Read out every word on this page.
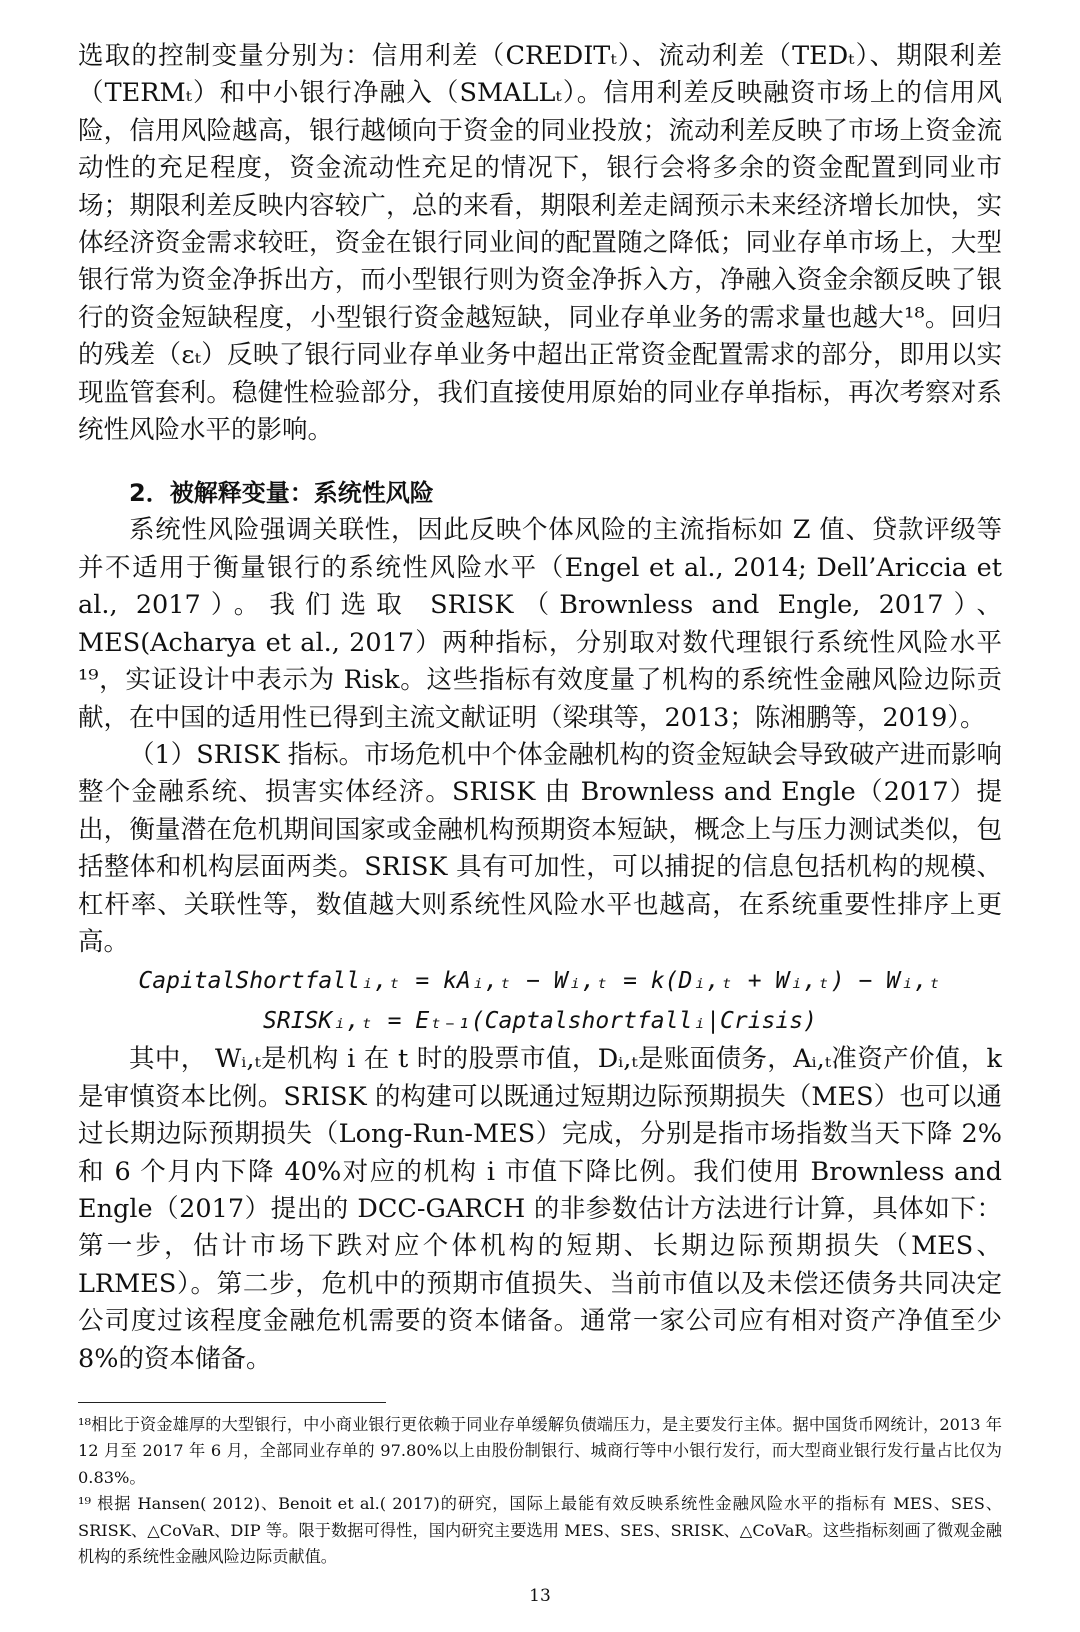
选取的控制变量分别为：信用利差（CREDITₜ）、流动利差（TEDₜ）、期限利差（TERMₜ）和中小银行净融入（SMALLₜ）。信用利差反映融资市场上的信用风险，信用风险越高，银行越倾向于资金的同业投放；流动利差反映了市场上资金流动性的充足程度，资金流动性充足的情况下，银行会将多余的资金配置到同业市场；期限利差反映内容较广，总的来看，期限利差走阔预示未来经济增长加快，实体经济资金需求较旺，资金在银行同业间的配置随之降低；同业存单市场上，大型银行常为资金净拆出方，而小型银行则为资金净拆入方，净融入资金余额反映了银行的资金短缺程度，小型银行资金越短缺，同业存单业务的需求量也越大¹⁸。回归的残差（εₜ）反映了银行同业存单业务中超出正常资金配置需求的部分，即用以实现监管套利。稳健性检验部分，我们直接使用原始的同业存单指标，再次考察对系统性风险水平的影响。

2．被解释变量：系统性风险

系统性风险强调关联性，因此反映个体风险的主流指标如 Z 值、贷款评级等并不适用于衡量银行的系统性风险水平（Engel et al., 2014; Dell’Ariccia et al., 2017）。我们选取 SRISK（Brownless and Engle, 2017）、MES(Acharya et al., 2017）两种指标，分别取对数代理银行系统性风险水平¹⁹，实证设计中表示为 Risk。这些指标有效度量了机构的系统性金融风险边际贡献，在中国的适用性已得到主流文献证明（梁琪等，2013；陈湘鹏等，2019）。

（1）SRISK 指标。市场危机中个体金融机构的资金短缺会导致破产进而影响整个金融系统、损害实体经济。SRISK 由 Brownless and Engle（2017）提出，衡量潜在危机期间国家或金融机构预期资本短缺，概念上与压力测试类似，包括整体和机构层面两类。SRISK 具有可加性，可以捕捉的信息包括机构的规模、杠杆率、关联性等，数值越大则系统性风险水平也越高，在系统重要性排序上更高。

CapitalShortfallᵢ,ₜ = kAᵢ,ₜ − Wᵢ,ₜ = k(Dᵢ,ₜ + Wᵢ,ₜ) − Wᵢ,ₜ

SRISKᵢ,ₜ = Eₜ₋₁(Captalshortfallᵢ|Crisis)

其中， Wᵢ,ₜ是机构 i 在 t 时的股票市值，Dᵢ,ₜ是账面债务，Aᵢ,ₜ准资产价值，k 是审慎资本比例。SRISK 的构建可以既通过短期边际预期损失（MES）也可以通过长期边际预期损失（Long-Run-MES）完成，分别是指市场指数当天下降 2%和 6 个月内下降 40%对应的机构 i 市值下降比例。我们使用 Brownless and Engle（2017）提出的 DCC-GARCH 的非参数估计方法进行计算，具体如下：第一步，估计市场下跌对应个体机构的短期、长期边际预期损失（MES、LRMES）。第二步，危机中的预期市值损失、当前市值以及未偿还债务共同决定公司度过该程度金融危机需要的资本储备。通常一家公司应有相对资产净值至少 8%的资本储备。

¹⁸相比于资金雄厚的大型银行，中小商业银行更依赖于同业存单缓解负债端压力，是主要发行主体。据中国货币网统计，2013 年 12 月至 2017 年 6 月，全部同业存单的 97.80%以上由股份制银行、城商行等中小银行发行，而大型商业银行发行量占比仅为 0.83%。

¹⁹ 根据 Hansen( 2012)、Benoit et al.( 2017)的研究，国际上最能有效反映系统性金融风险水平的指标有 MES、SES、SRISK、△CoVaR、DIP 等。限于数据可得性，国内研究主要选用 MES、SES、SRISK、△CoVaR。这些指标刻画了微观金融机构的系统性金融风险边际贡献值。

13
